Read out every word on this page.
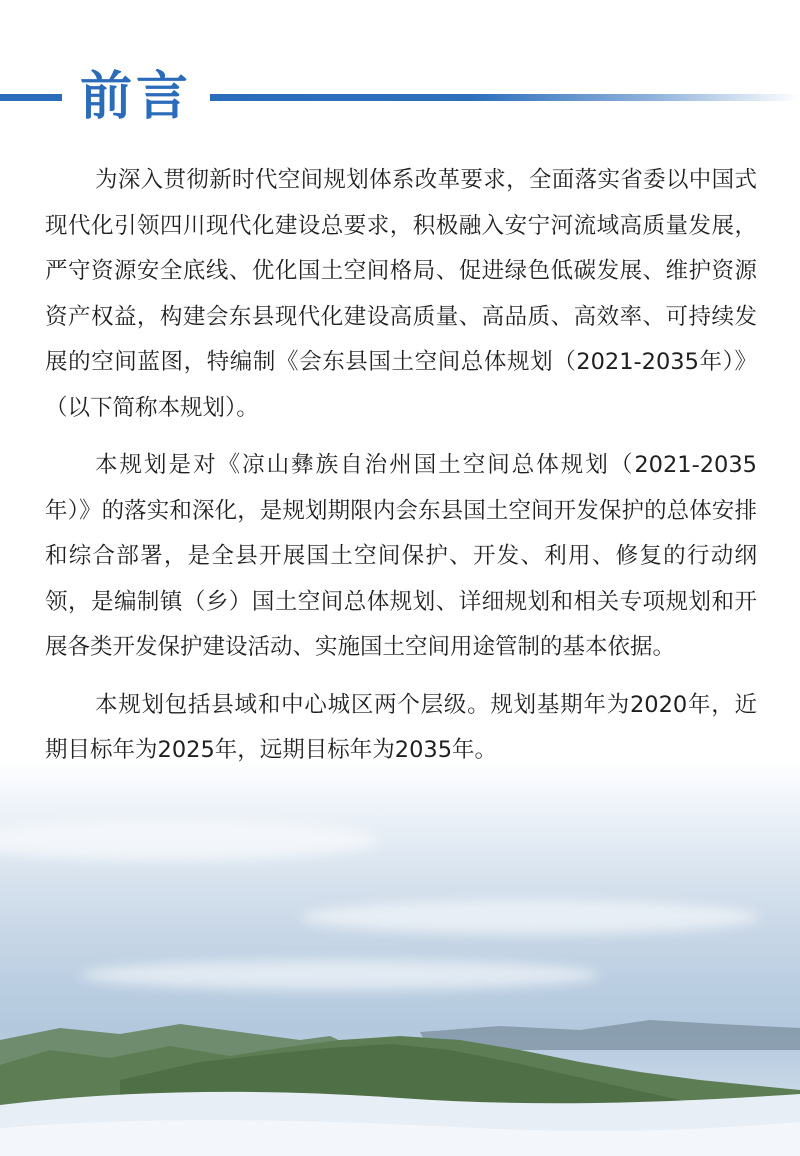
前言

为深入贯彻新时代空间规划体系改革要求，全面落实省委以中国式现代化引领四川现代化建设总要求，积极融入安宁河流域高质量发展，严守资源安全底线、优化国土空间格局、促进绿色低碳发展、维护资源资产权益，构建会东县现代化建设高质量、高品质、高效率、可持续发展的空间蓝图，特编制《会东县国土空间总体规划（2021-2035年）》（以下简称本规划）。

本规划是对《凉山彝族自治州国土空间总体规划（2021-2035年）》的落实和深化，是规划期限内会东县国土空间开发保护的总体安排和综合部署，是全县开展国土空间保护、开发、利用、修复的行动纲领，是编制镇（乡）国土空间总体规划、详细规划和相关专项规划和开展各类开发保护建设活动、实施国土空间用途管制的基本依据。

本规划包括县域和中心城区两个层级。规划基期年为2020年，近期目标年为2025年，远期目标年为2035年。
